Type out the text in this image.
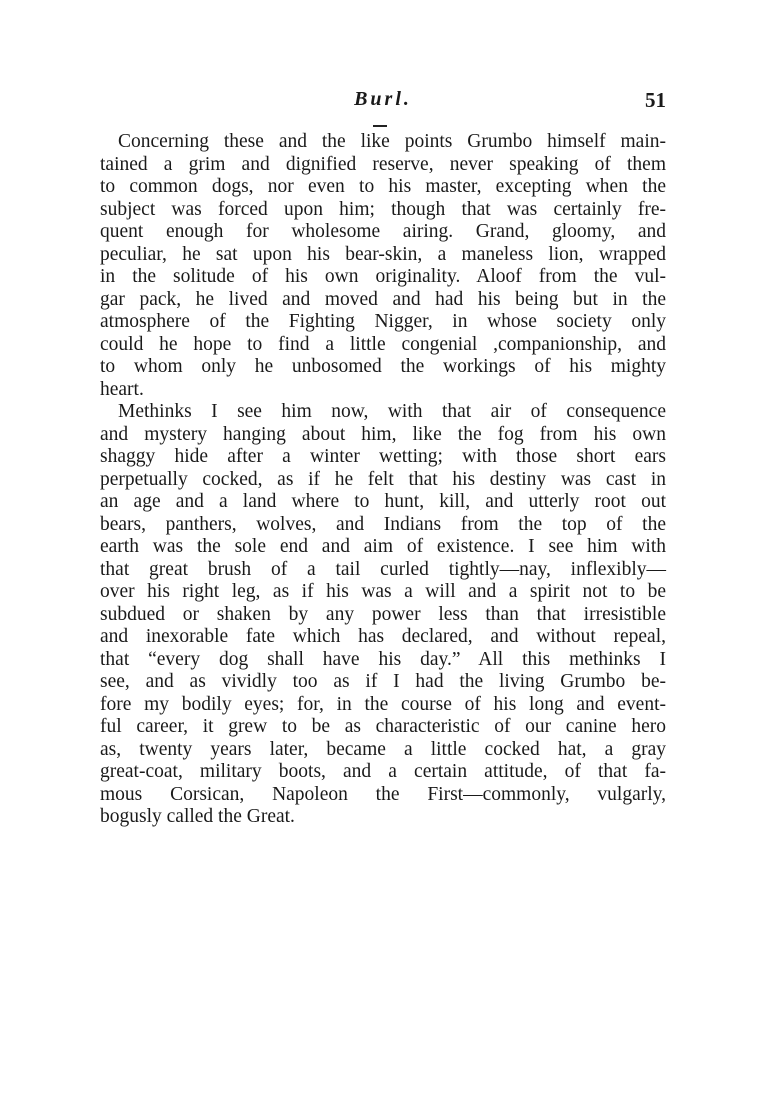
Burl.	51
Concerning these and the like points Grumbo himself main-
tained a grim and dignified reserve, never speaking of them
to common dogs, nor even to his master, excepting when the
subject was forced upon him; though that was certainly fre-
quent enough for wholesome airing. Grand, gloomy, and
peculiar, he sat upon his bear-skin, a maneless lion, wrapped
in the solitude of his own originality. Aloof from the vul-
gar pack, he lived and moved and had his being but in the
atmosphere of the Fighting Nigger, in whose society only
could he hope to find a little congenial ,companionship, and
to whom only he unbosomed the workings of his mighty
heart.
Methinks I see him now, with that air of consequence
and mystery hanging about him, like the fog from his own
shaggy hide after a winter wetting; with those short ears
perpetually cocked, as if he felt that his destiny was cast in
an age and a land where to hunt, kill, and utterly root out
bears, panthers, wolves, and Indians from the top of the
earth was the sole end and aim of existence. I see him with
that great brush of a tail curled tightly—nay, inflexibly—
over his right leg, as if his was a will and a spirit not to be
subdued or shaken by any power less than that irresistible
and inexorable fate which has declared, and without repeal,
that “every dog shall have his day.” All this methinks I
see, and as vividly too as if I had the living Grumbo be-
fore my bodily eyes; for, in the course of his long and event-
ful career, it grew to be as characteristic of our canine hero
as, twenty years later, became a little cocked hat, a gray
great-coat, military boots, and a certain attitude, of that fa-
mous Corsican, Napoleon the First—commonly, vulgarly,
bogusly called the Great.
